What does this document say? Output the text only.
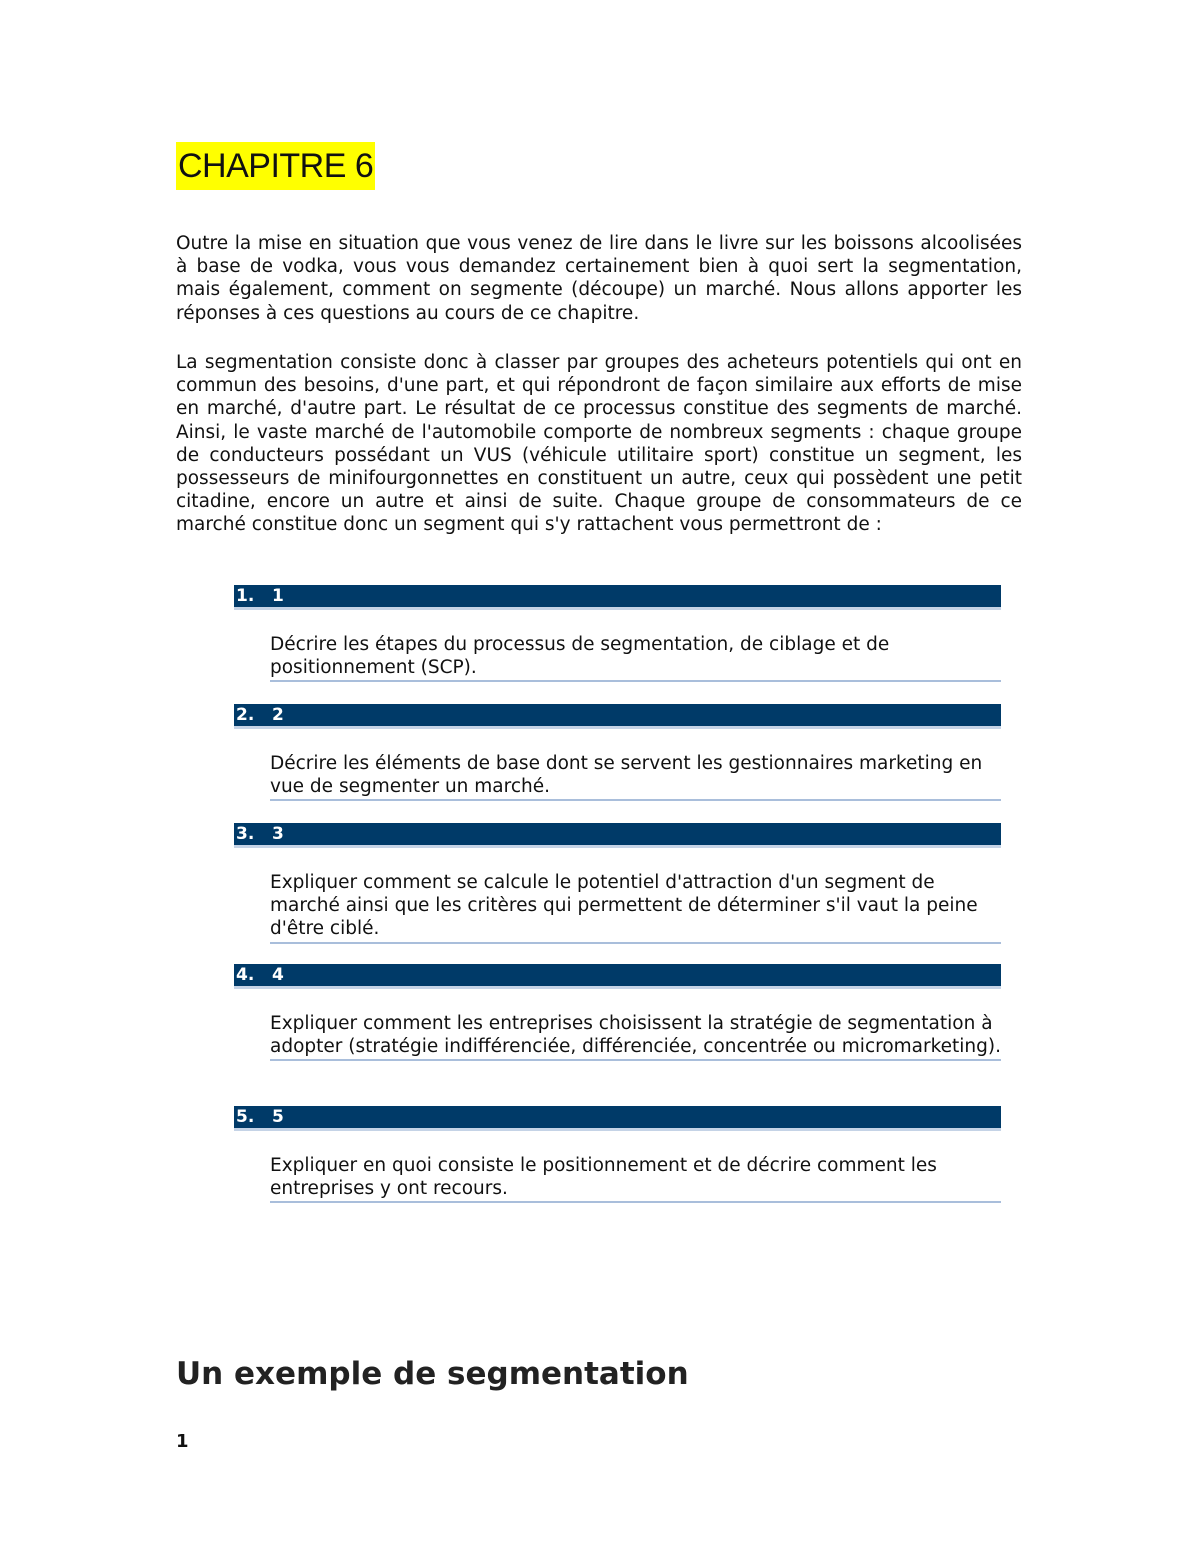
CHAPITRE 6

Outre la mise en situation que vous venez de lire dans le livre sur les boissons alcoolisées à base de vodka, vous vous demandez certainement bien à quoi sert la segmentation, mais également, comment on segmente (découpe) un marché. Nous allons apporter les réponses à ces questions au cours de ce chapitre.

La segmentation consiste donc à classer par groupes des acheteurs potentiels qui ont en commun des besoins, d'une part, et qui répondront de façon similaire aux efforts de mise en marché, d'autre part. Le résultat de ce processus constitue des segments de marché. Ainsi, le vaste marché de l'automobile comporte de nombreux segments : chaque groupe de conducteurs possédant un VUS (véhicule utilitaire sport) constitue un segment, les possesseurs de minifourgonnettes en constituent un autre, ceux qui possèdent une petit citadine, encore un autre et ainsi de suite. Chaque groupe de consommateurs de ce marché constitue donc un segment qui s'y rattachent vous permettront de :

1.	1
Décrire les étapes du processus de segmentation, de ciblage et de positionnement (SCP).
2.	2
Décrire les éléments de base dont se servent les gestionnaires marketing en vue de segmenter un marché.
3.	3
Expliquer comment se calcule le potentiel d'attraction d'un segment de marché ainsi que les critères qui permettent de déterminer s'il vaut la peine d'être ciblé.
4.	4
Expliquer comment les entreprises choisissent la stratégie de segmentation à adopter (stratégie indifférenciée, différenciée, concentrée ou micromarketing).
5.	5
Expliquer en quoi consiste le positionnement et de décrire comment les entreprises y ont recours.
Un exemple de segmentation
1
